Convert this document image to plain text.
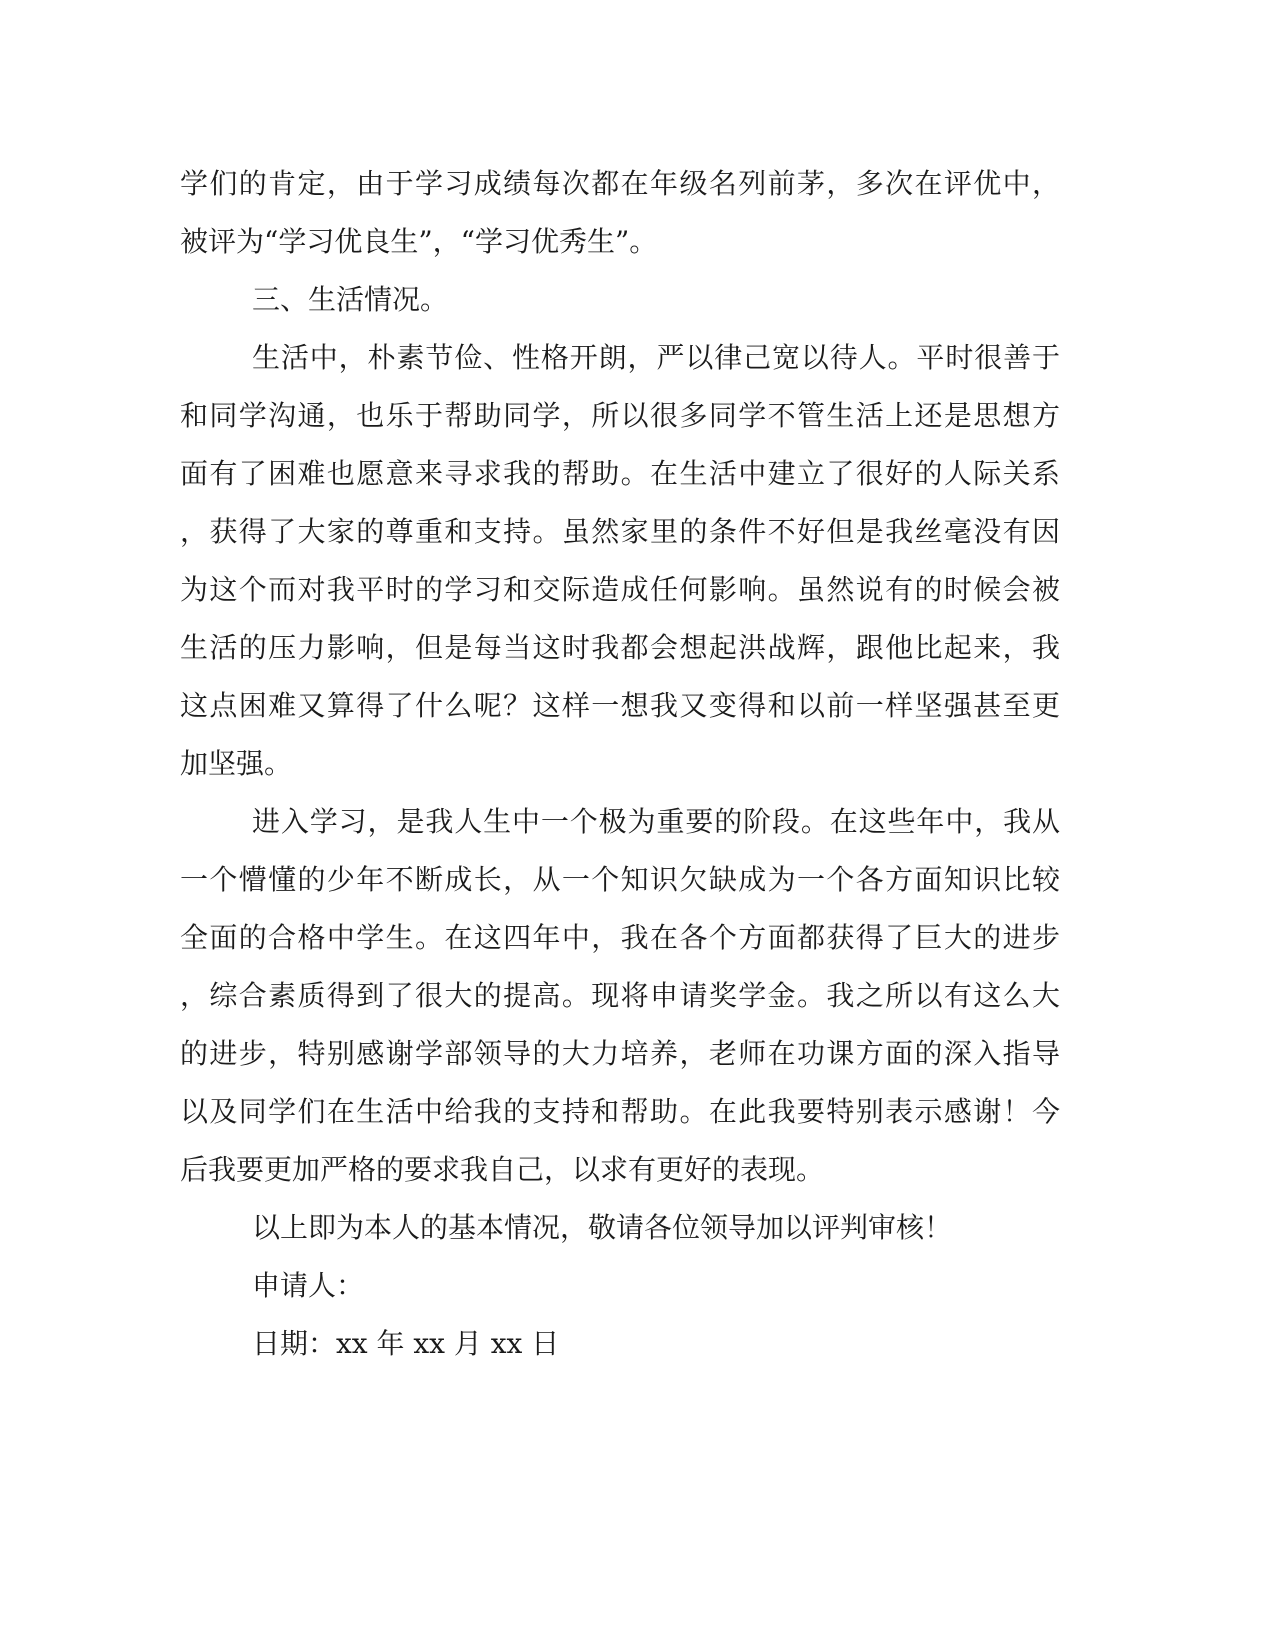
学们的肯定，由于学习成绩每次都在年级名列前茅，多次在评优中，
被评为“学习优良生”，“学习优秀生”。
三、生活情况。
生活中，朴素节俭、性格开朗，严以律己宽以待人。平时很善于
和同学沟通，也乐于帮助同学，所以很多同学不管生活上还是思想方
面有了困难也愿意来寻求我的帮助。在生活中建立了很好的人际关系
，获得了大家的尊重和支持。虽然家里的条件不好但是我丝毫没有因
为这个而对我平时的学习和交际造成任何影响。虽然说有的时候会被
生活的压力影响，但是每当这时我都会想起洪战辉，跟他比起来，我
这点困难又算得了什么呢？这样一想我又变得和以前一样坚强甚至更
加坚强。
进入学习，是我人生中一个极为重要的阶段。在这些年中，我从
一个懵懂的少年不断成长，从一个知识欠缺成为一个各方面知识比较
全面的合格中学生。在这四年中，我在各个方面都获得了巨大的进步
，综合素质得到了很大的提高。现将申请奖学金。我之所以有这么大
的进步，特别感谢学部领导的大力培养，老师在功课方面的深入指导
以及同学们在生活中给我的支持和帮助。在此我要特别表示感谢！今
后我要更加严格的要求我自己，以求有更好的表现。
以上即为本人的基本情况，敬请各位领导加以评判审核！
申请人：
日期：xx 年 xx 月 xx 日
